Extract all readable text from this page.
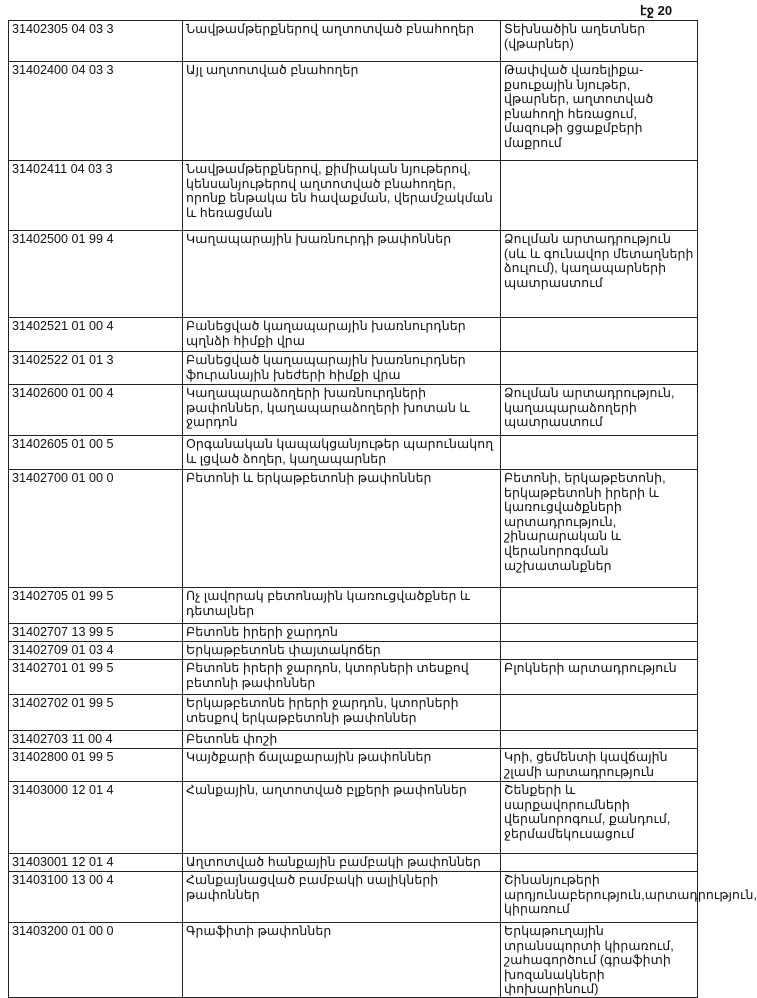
էջ 20
31402305 04 03 3	Նավթամթերքներով աղտոտված բնահողեր	Տեխնածին աղետներ (վթարներ)
31402400 04 03 3	Այլ աղտոտված բնահողեր	Թափված վառելիքա-քսուքային նյութեր, վթարներ, աղտոտված բնահողի հեռացում, մազութի ցցաքմբերի մաքրում
31402411 04 03 3	Նավթամթերքներով, քիմիական նյութերով, կենսանյութերով աղտոտված բնահողեր, որոնք ենթակա են հավաքման, վերամշակման և հեռացման	
31402500 01 99 4	Կաղապարային խառնուրդի թափոններ	Ձուլման արտադրություն (սև և գունավոր մետաղների ձուլում), կաղապարների պատրաստում
31402521 01 00 4	Բանեցված կաղապարային խառնուրդներ պղնձի հիմքի վրա	
31402522 01 01 3	Բանեցված կաղապարային խառնուրդներ ֆուրանային խեժերի հիմքի վրա	
31402600 01 00 4	Կաղապարաձողերի խառնուրդների թափոններ, կաղապարաձողերի խոտան և ջարդոն	Ձուլման արտադրություն, կաղապարաձողերի պատրաստում
31402605 01 00 5	Օրգանական կապակցանյութեր պարունակող և լցված ձողեր, կաղապարներ	
31402700 01 00 0	Բետոնի և երկաթբետոնի թափոններ	Բետոնի, երկաթբետոնի, երկաթբետոնի իրերի և կառուցվածքների արտադրություն, շինարարական և վերանորոգման աշխատանքներ
31402705 01 99 5	Ոչ լավորակ բետոնային կառուցվածքներ և դետալներ	
31402707 13 99 5	Բետոնե իրերի ջարդոն	
31402709 01 03 4	Երկաթբետոնե փայտակոճեր	
31402701 01 99 5	Բետոնե իրերի ջարդոն, կտորների տեսքով բետոնի թափոններ	Բլոկների արտադրություն
31402702 01 99 5	Երկաթբետոնե իրերի ջարդոն, կտորների տեսքով երկաթբետոնի թափոններ	
31402703 11 00 4	Բետոնե փոշի	
31402800 01 99 5	Կայծքարի ճալաքարային թափոններ	Կրի, ցեմենտի կավճային շլամի արտադրություն
31403000 12 01 4	Հանքային, աղտոտված բլքերի թափոններ	Շենքերի և սարքավորումների վերանորոգում, քանդում, ջերմամեկուսացում
31403001 12 01 4	Աղտոտված հանքային բամբակի թափոններ	
31403100 13 00 4	Հանքայնացված բամբակի սալիկների թափոններ	Շինանյութերի արդյունաբերություն,արտադրություն, կիրառում
31403200 01 00 0	Գրաֆիտի թափոններ	Երկաթուղային տրանսպորտի կիրառում, շահագործում (գրաֆիտի խոզանակների փոխարինում)
